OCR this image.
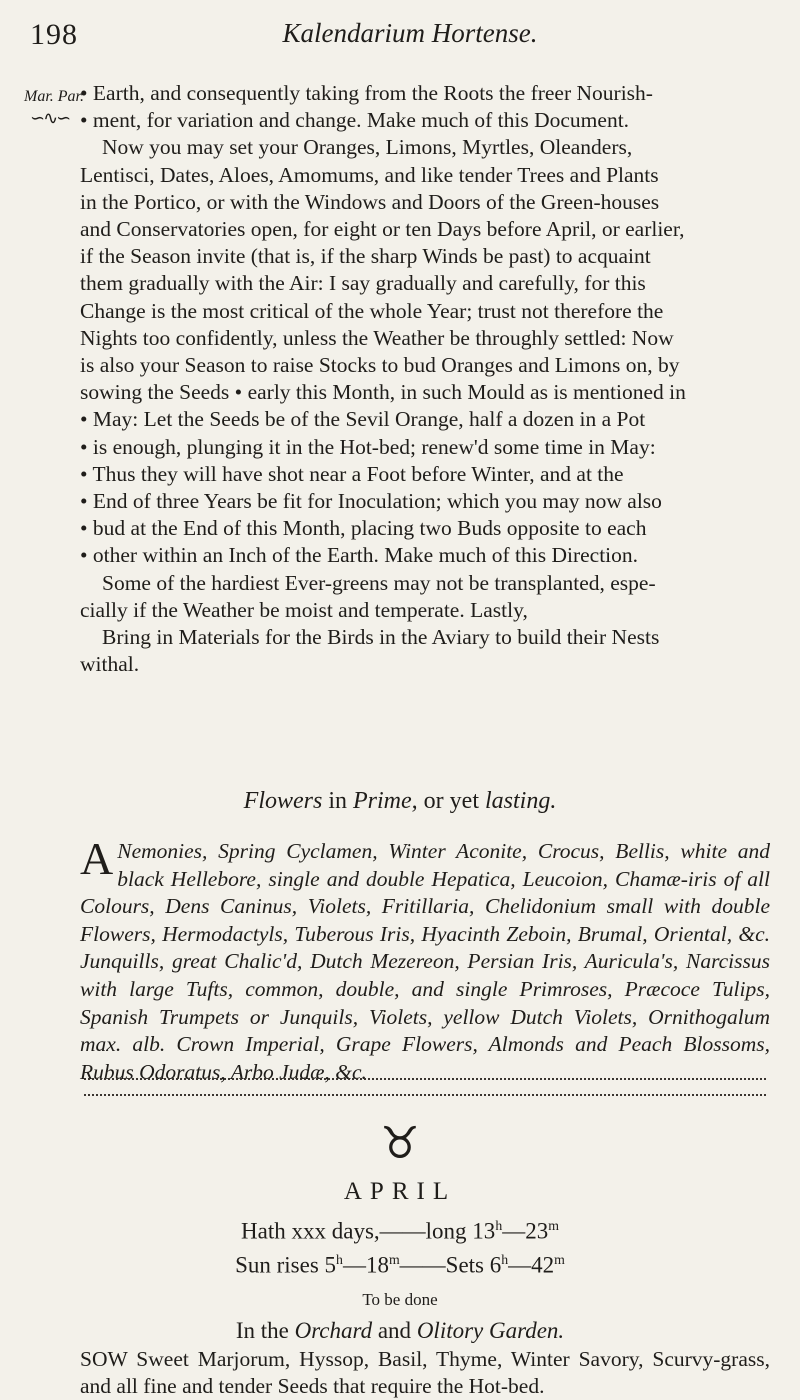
198	Kalendarium Hortense.
Mar. Par.
∽∿∽
• Earth, and consequently taking from the Roots the freer Nourish-
• ment, for variation and change. Make much of this Document.
Now you may set your Oranges, Limons, Myrtles, Oleanders,
Lentisci, Dates, Aloes, Amomums, and like tender Trees and Plants
in the Portico, or with the Windows and Doors of the Green-houses
and Conservatories open, for eight or ten Days before April, or earlier,
if the Season invite (that is, if the sharp Winds be past) to acquaint
them gradually with the Air: I say gradually and carefully, for this
Change is the most critical of the whole Year; trust not therefore the
Nights too confidently, unless the Weather be throughly settled: Now
is also your Season to raise Stocks to bud Oranges and Limons on, by
sowing the Seeds • early this Month, in such Mould as is mentioned in
• May: Let the Seeds be of the Sevil Orange, half a dozen in a Pot
• is enough, plunging it in the Hot-bed; renew'd some time in May:
• Thus they will have shot near a Foot before Winter, and at the
• End of three Years be fit for Inoculation; which you may now also
• bud at the End of this Month, placing two Buds opposite to each
• other within an Inch of the Earth. Make much of this Direction.
Some of the hardiest Ever-greens may not be transplanted, espe-
cially if the Weather be moist and temperate. Lastly,
Bring in Materials for the Birds in the Aviary to build their Nests
withal.
Flowers in Prime, or yet lasting.
A Nemonies, Spring Cyclamen, Winter Aconite, Crocus, Bellis, white and black Hellebore, single and double Hepatica, Leucoion, Chamæ-iris of all Colours, Dens Caninus, Violets, Fritillaria, Chelidonium small with double Flowers, Hermodactyls, Tuberous Iris, Hyacinth Zeboin, Brumal, Oriental, &c. Junquills, great Chalic'd, Dutch Mezereon, Persian Iris, Auricula's, Narcissus with large Tufts, common, double, and single Primroses, Præcoce Tulips, Spanish Trumpets or Junquils, Violets, yellow Dutch Violets, Ornithogalum max. alb. Crown Imperial, Grape Flowers, Almonds and Peach Blossoms, Rubus Odoratus, Arbo Judæ, &c.
♉
APRIL
Hath xxx days,——long 13$^h$—23$^m$
Sun rises 5$^h$—18$^m$——Sets 6$^h$—42$^m$
To be done
In the Orchard and Olitory Garden.
SOW Sweet Marjorum, Hyssop, Basil, Thyme, Winter Savory, Scurvy-grass, and all fine and tender Seeds that require the Hot-bed.
